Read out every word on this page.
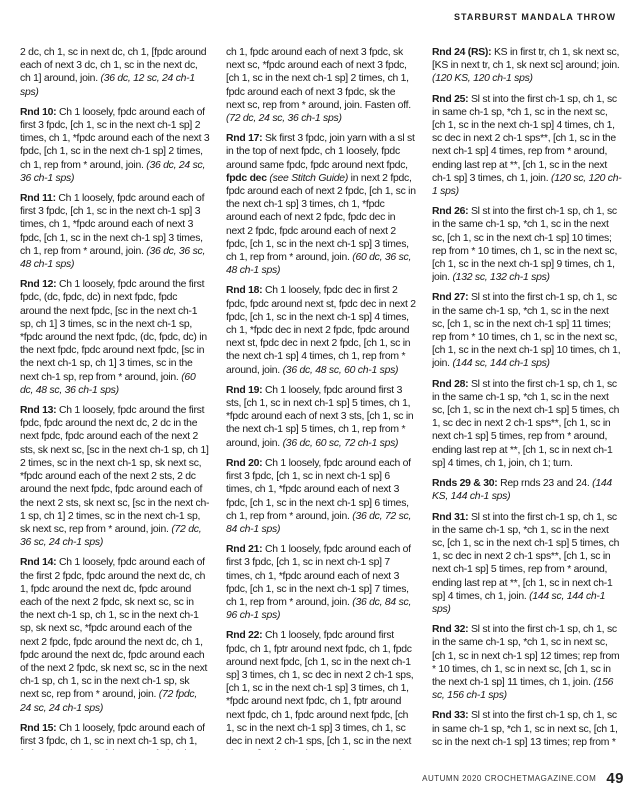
STARBURST MANDALA THROW

2 dc, ch 1, sc in next dc, ch 1, [fpdc around each of next 3 dc, ch 1, sc in the next dc, ch 1] around, join. (36 dc, 12 sc, 24 ch-1 sps)

Rnd 10: Ch 1 loosely, fpdc around each of first 3 fpdc, [ch 1, sc in the next ch-1 sp] 2 times, ch 1, *fpdc around each of the next 3 fpdc, [ch 1, sc in the next ch-1 sp] 2 times, ch 1, rep from * around, join. (36 dc, 24 sc, 36 ch-1 sps)

Rnd 11: Ch 1 loosely, fpdc around each of first 3 fpdc, [ch 1, sc in the next ch-1 sp] 3 times, ch 1, *fpdc around each of next 3 fpdc, [ch 1, sc in the next ch-1 sp] 3 times, ch 1, rep from * around, join. (36 dc, 36 sc, 48 ch-1 sps)

Rnd 12: Ch 1 loosely, fpdc around the first fpdc, (dc, fpdc, dc) in next fpdc, fpdc around the next fpdc, [sc in the next ch-1 sp, ch 1] 3 times, sc in the next ch-1 sp, *fpdc around the next fpdc, (dc, fpdc, dc) in the next fpdc, fpdc around next fpdc, [sc in the next ch-1 sp, ch 1] 3 times, sc in the next ch-1 sp, rep from * around, join. (60 dc, 48 sc, 36 ch-1 sps)

Rnd 13: Ch 1 loosely, fpdc around the first fpdc, fpdc around the next dc, 2 dc in the next fpdc, fpdc around each of the next 2 sts, sk next sc, [sc in the next ch-1 sp, ch 1] 2 times, sc in the next ch-1 sp, sk next sc, *fpdc around each of the next 2 sts, 2 dc around the next fpdc, fpdc around each of the next 2 sts, sk next sc, [sc in the next ch-1 sp, ch 1] 2 times, sc in the next ch-1 sp, sk next sc, rep from * around, join. (72 dc, 36 sc, 24 ch-1 sps)

Rnd 14: Ch 1 loosely, fpdc around each of the first 2 fpdc, fpdc around the next dc, ch 1, fpdc around the next dc, fpdc around each of the next 2 fpdc, sk next sc, sc in the next ch-1 sp, ch 1, sc in the next ch-1 sp, sk next sc, *fpdc around each of the next 2 fpdc, fpdc around the next dc, ch 1, fpdc around the next dc, fpdc around each of the next 2 fpdc, sk next sc, sc in the next ch-1 sp, ch 1, sc in the next ch-1 sp, sk next sc, rep from * around, join. (72 fpdc, 24 sc, 24 ch-1 sps)

Rnd 15: Ch 1 loosely, fpdc around each of first 3 fpdc, ch 1, sc in next ch-1 sp, ch 1,

ch 1, fpdc around each of next 3 fpdc, sk next sc, *fpdc around each of next 3 fpdc, [ch 1, sc in the next ch-1 sp] 2 times, ch 1, fpdc around each of next 3 fpdc, sk the next sc, rep from * around, join. Fasten off. (72 dc, 24 sc, 36 ch-1 sps)

Rnd 17: Sk first 3 fpdc, join yarn with a sl st in the top of next fpdc, ch 1 loosely, fpdc around same fpdc, fpdc around next fpdc, fpdc dec (see Stitch Guide) in next 2 fpdc, fpdc around each of next 2 fpdc, [ch 1, sc in the next ch-1 sp] 3 times, ch 1, *fpdc around each of next 2 fpdc, fpdc dec in next 2 fpdc, fpdc around each of next 2 fpdc, [ch 1, sc in the next ch-1 sp] 3 times, ch 1, rep from * around, join. (60 dc, 36 sc, 48 ch-1 sps)

Rnd 18: Ch 1 loosely, fpdc dec in first 2 fpdc, fpdc around next st, fpdc dec in next 2 fpdc, [ch 1, sc in the next ch-1 sp] 4 times, ch 1, *fpdc dec in next 2 fpdc, fpdc around next st, fpdc dec in next 2 fpdc, [ch 1, sc in the next ch-1 sp] 4 times, ch 1, rep from * around, join. (36 dc, 48 sc, 60 ch-1 sps)

Rnd 19: Ch 1 loosely, fpdc around first 3 sts, [ch 1, sc in next ch-1 sp] 5 times, ch 1, *fpdc around each of next 3 sts, [ch 1, sc in the next ch-1 sp] 5 times, ch 1, rep from * around, join. (36 dc, 60 sc, 72 ch-1 sps)

Rnd 20: Ch 1 loosely, fpdc around each of first 3 fpdc, [ch 1, sc in next ch-1 sp] 6 times, ch 1, *fpdc around each of next 3 fpdc, [ch 1, sc in the next ch-1 sp] 6 times, ch 1, rep from * around, join. (36 dc, 72 sc, 84 ch-1 sps)

Rnd 21: Ch 1 loosely, fpdc around each of first 3 fpdc, [ch 1, sc in next ch-1 sp] 7 times, ch 1, *fpdc around each of next 3 fpdc, [ch 1, sc in the next ch-1 sp] 7 times, ch 1, rep from * around, join. (36 dc, 84 sc, 96 ch-1 sps)

Rnd 22: Ch 1 loosely, fpdc around first fpdc, ch 1, fptr around next fpdc, ch 1, fpdc around next fpdc, [ch 1, sc in the next ch-1 sp] 3 times, ch 1, sc dec in next 2 ch-1 sps, [ch 1, sc in the next ch-1 sp] 3 times, ch 1, *fpdc around next fpdc, ch 1, fptr around next fpdc, ch 1, fpdc around next fpdc, [ch 1, sc in the next ch-1 sp] 3 times, ch 1, sc dec in next 2 ch-1 sps, [ch 1, sc in the next

Rnd 24 (RS): KS in first tr, ch 1, sk next sc, [KS in next tr, ch 1, sk next sc] around; join. (120 KS, 120 ch-1 sps)

Rnd 25: Sl st into the first ch-1 sp, ch 1, sc in same ch-1 sp, *ch 1, sc in the next sc, [ch 1, sc in the next ch-1 sp] 4 times, ch 1, sc dec in next 2 ch-1 sps**, [ch 1, sc in the next ch-1 sp] 4 times, rep from * around, ending last rep at **, [ch 1, sc in the next ch-1 sp] 3 times, ch 1, join. (120 sc, 120 ch-1 sps)

Rnd 26: Sl st into the first ch-1 sp, ch 1, sc in the same ch-1 sp, *ch 1, sc in the next sc, [ch 1, sc in the next ch-1 sp] 10 times; rep from * 10 times, ch 1, sc in the next sc, [ch 1, sc in the next ch-1 sp] 9 times, ch 1, join. (132 sc, 132 ch-1 sps)

Rnd 27: Sl st into the first ch-1 sp, ch 1, sc in the same ch-1 sp, *ch 1, sc in the next sc, [ch 1, sc in the next ch-1 sp] 11 times; rep from * 10 times, ch 1, sc in the next sc, [ch 1, sc in the next ch-1 sp] 10 times, ch 1, join. (144 sc, 144 ch-1 sps)

Rnd 28: Sl st into the first ch-1 sp, ch 1, sc in the same ch-1 sp, *ch 1, sc in the next sc, [ch 1, sc in the next ch-1 sp] 5 times, ch 1, sc dec in next 2 ch-1 sps**, [ch 1, sc in next ch-1 sp] 5 times, rep from * around, ending last rep at **, [ch 1, sc in next ch-1 sp] 4 times, ch 1, join, ch 1; turn.

Rnds 29 & 30: Rep rnds 23 and 24. (144 KS, 144 ch-1 sps)

Rnd 31: Sl st into the first ch-1 sp, ch 1, sc in the same ch-1 sp, *ch 1, sc in the next sc, [ch 1, sc in the next ch-1 sp] 5 times, ch 1, sc dec in next 2 ch-1 sps**, [ch 1, sc in next ch-1 sp] 5 times, rep from * around, ending last rep at **, [ch 1, sc in next ch-1 sp] 4 times, ch 1, join. (144 sc, 144 ch-1 sps)

Rnd 32: Sl st into the first ch-1 sp, ch 1, sc in the same ch-1 sp, *ch 1, sc in next sc, [ch 1, sc in next ch-1 sp] 12 times; rep from * 10 times, ch 1, sc in next sc, [ch 1, sc in the next ch-1 sp] 11 times, ch 1, join. (156 sc, 156 ch-1 sps)

Rnd 33: Sl st into the first ch-1 sp, ch 1, sc in same ch-1 sp, *ch 1, sc in next sc, [ch 1, sc in the next ch-1 sp] 13 times; rep from *

AUTUMN 2020 CROCHETMAGAZINE.COM 49
